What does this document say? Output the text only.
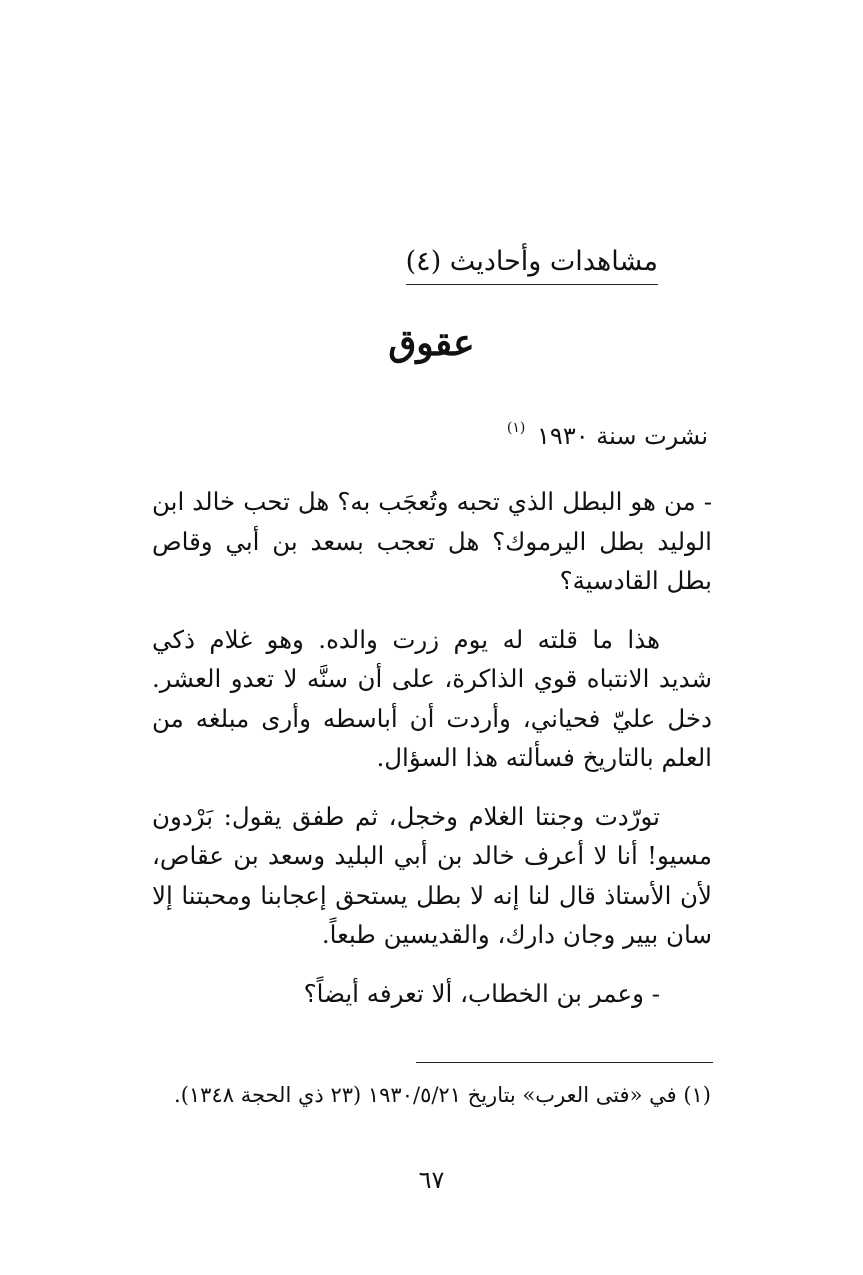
مشاهدات وأحاديث (٤)
عقوق
نشرت سنة ١٩٣٠ $^{(١)}$

- من هو البطل الذي تحبه وتُعجَب به؟ هل تحب خالد ابن الوليد بطل اليرموك؟ هل تعجب بسعد بن أبي وقاص بطل القادسية؟

هذا ما قلته له يوم زرت والده. وهو غلام ذكي شديد الانتباه قوي الذاكرة، على أن سنَّه لا تعدو العشر. دخل عليّ فحياني، وأردت أن أباسطه وأرى مبلغه من العلم بالتاريخ فسألته هذا السؤال.

تورّدت وجنتا الغلام وخجل، ثم طفق يقول: بَرْدون مسيو! أنا لا أعرف خالد بن أبي البليد وسعد بن عقاص، لأن الأستاذ قال لنا إنه لا بطل يستحق إعجابنا ومحبتنا إلا سان بيير وجان دارك، والقديسين طبعاً.

- وعمر بن الخطاب، ألا تعرفه أيضاً؟

(١) في «فتى العرب» بتاريخ ١٩٣٠/٥/٢١ (٢٣ ذي الحجة ١٣٤٨).
٦٧
